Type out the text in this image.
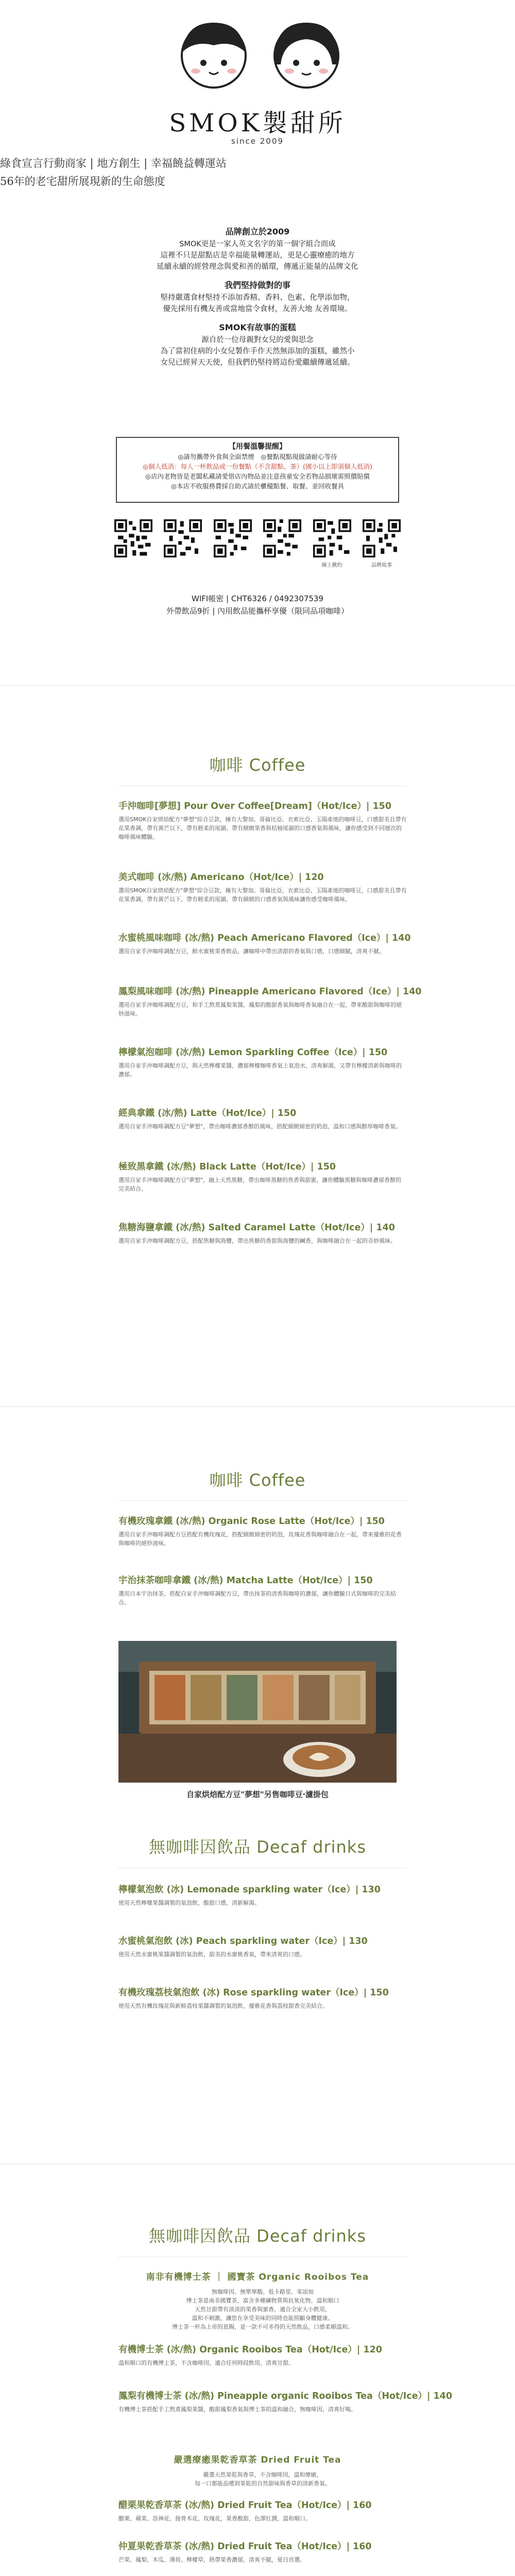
SMOK製甜所
since 2009
綠食宣言行動商家 | 地方創生 | 幸福饒益轉運站
56年的老宅甜所展現新的生命態度
品牌創立於2009
SMOK更是一家人英文名字的第一個字組合而成
這裡不只是甜點店是幸福能量轉運站，更是心靈療癒的地方
延續永續的經營理念與愛和善的循環，傳遞正能量的品牌文化
我們堅持做對的事
堅持嚴選食材堅持不添加香精、香料、色素、化學添加物，
優先採用有機友善或當地當令食材，友善大地 友善環境。
SMOK有故事的蛋糕
源自於一位母親對女兒的愛與思念
為了當初住病的小女兒製作手作天然無添加的蛋糕，雖然小
女兒已經昇天天使，但我們仍堅持將這份愛繼續傳遞延續。
【用餐溫馨提醒】
◎請勿攜帶外食與全面禁煙　◎餐點現點現做請耐心等待
◎個人低消：每人一杯飲品或一份餐點（不含甜點、茶）(國小以上即須個人低消)
◎店內老物皆是老闆私藏請愛惜店內物品並注意孩童安全若物品損壞需照價賠償
◎本店不收服務費採自助式請於櫃檯點餐、取餐、並回收餐具
線上揪約	品牌故事
WIFI帳密 | CHT6326 / 0492307539
外帶飲品9折 | 內用飲品能攜杯享優（限同品項咖啡）
咖啡 Coffee
手沖咖啡[夢想] Pour Over Coffee[Dream]（Hot/Ice）| 150
選用SMOK自家烘焙配方"夢想"綜合豆款，擁有大黎加、哥倫比亞、衣索比亞、玉陽產地的咖啡豆，口感甜美且帶有花果香調，帶有黃芒以下，帶有輕柔的尾韻。帶有細緻果香與桔柚尾韻的口感香氣與風味，讓你感受到不同層次的咖啡風味體驗。
美式咖啡 (冰/熱) Americano（Hot/Ice）| 120
選用SMOK自家烘焙配方"夢想"綜合豆款，擁有大黎加、哥倫比亞、衣索比亞、玉陽產地的咖啡豆，口感甜美且帶有花果香調，帶有黃芒以下，帶有輕柔的尾韻。帶有細緻的口感香氣與風味讓你感受咖啡風味。
水蜜桃風味咖啡 (冰/熱) Peach Americano Flavored（Ice）| 140
選用自家手沖咖啡調配方豆，鮮水蜜桃果香飲品，讓咖啡中帶出清甜的香氣與口感，口感細膩，清爽不膩。
鳳梨風味咖啡 (冰/熱) Pineapple Americano Flavored（Ice）| 140
選用自家手沖咖啡調配方豆，和手工熬煮鳳梨果醬，鳳梨的酸甜香氣與咖啡香氣融合在一起，帶來酸甜與咖啡的絕妙滋味。
檸檬氣泡咖啡 (冰/熱) Lemon Sparkling Coffee（Ice）| 150
選用自家手沖咖啡調配方豆，與天然檸檬果醬，濃郁檸檬咖啡香氣上氣泡水，清爽解渴，又帶有檸檬清新與咖啡的濃郁。
經典拿鐵 (冰/熱) Latte（Hot/Ice）| 150
選用自家手沖咖啡調配方豆"夢想"，帶出咖啡濃郁香醇的風味，搭配細緻綿密的奶泡，溫和口感與醇厚咖啡香氣。
極致黑拿鐵 (冰/熱) Black Latte（Hot/Ice）| 150
選用自家手沖咖啡調配方豆"夢想"，融上天然黑糖，帶出咖啡黑糖的焦香與甜蜜，讓你體驗黑糖與咖啡濃郁香醇的完美結合。
焦糖海鹽拿鐵 (冰/熱) Salted Caramel Latte（Hot/Ice）| 140
選用自家手沖咖啡調配方豆，搭配焦糖與海鹽，帶出焦糖的香甜與海鹽的鹹香，與咖啡融合在一起的奇妙風味。
咖啡 Coffee
有機玫瑰拿鐵 (冰/熱) Organic Rose Latte（Hot/Ice）| 150
選用自家手沖咖啡調配方豆搭配有機玫瑰花，搭配細緻綿密的奶泡，玫瑰花香與咖啡融合在一起，帶來優雅的花香與咖啡的絕妙滋味。
宇治抹茶咖啡拿鐵 (冰/熱) Matcha Latte（Hot/Ice）| 150
選用日本宇治抹茶，搭配自家手沖咖啡調配方豆，帶出抹茶的清香與咖啡的濃郁，讓你體驗日式與咖啡的完美結合。
自家烘焙配方豆"夢想"另售咖啡豆‧濾掛包
無咖啡因飲品 Decaf drinks
檸檬氣泡飲 (冰) Lemonade sparkling water（Ice）| 130
使用天然檸檬果醬調製的氣泡飲，酸甜口感，清新解渴。
水蜜桃氣泡飲 (冰) Peach sparkling water（Ice）| 130
使用天然水蜜桃果醬調製的氣泡飲，甜美的水蜜桃香氣，帶來清爽的口感。
有機玫瑰荔枝氣泡飲 (冰) Rose sparkling water（Ice）| 150
使用天然有機玫瑰花與新鮮荔枝果醬調製的氣泡飲，優雅花香與荔枝甜香完美結合。
無咖啡因飲品 Decaf drinks
南非有機博士茶 ｜ 國寶茶 Organic Rooibos Tea
無咖啡因、無單寧酸、低卡路里、零添加
博士茶是南非國寶茶，富含多種礦物質與抗氧化物，溫和順口
天然甘甜帶有淡淡的果香與蜜香，適合全家大小飲用，
溫和不刺激，讓您在享受美味的同時也能照顧身體健康。
博士茶一杯為上帝的恩賜，是一款不可多得的天然飲品，口感柔順溫和。
有機博士茶 (冰/熱) Organic Rooibos Tea（Hot/Ice）| 120
溫和順口的有機博士茶，不含咖啡因，適合任何時段飲用，清爽甘甜。
鳳梨有機博士茶 (冰/熱) Pineapple organic Rooibos Tea（Hot/Ice）| 140
有機博士茶搭配手工熬煮鳳梨果醬，酸甜鳳梨香氣與博士茶的溫和融合，無咖啡因，清爽好喝。
嚴選療癒果乾香草茶 Dried Fruit Tea
嚴選天然果乾與香草，不含咖啡因，溫和療癒，
每一口都能品嚐到果乾的自然甜味與香草的清新香氣。
醋栗果乾香草茶 (冰/熱) Dried Fruit Tea（Hot/Ice）| 160
醋栗、蘋果、洛神花、接骨木花、玫瑰花，果香酸甜，色澤紅潤，溫和順口。
仲夏果乾香草茶 (冰/熱) Dried Fruit Tea（Hot/Ice）| 160
芒果、鳳梨、木瓜、薄荷、檸檬草，熱帶果香濃郁，清爽不膩，夏日首選。
